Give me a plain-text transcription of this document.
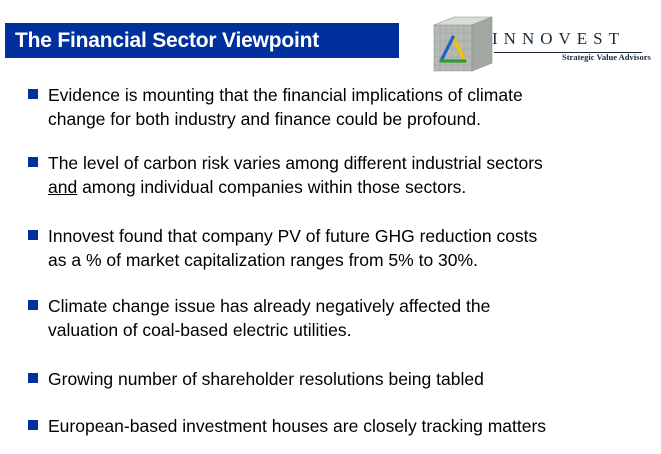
The Financial Sector Viewpoint	INNOVEST
Strategic Value Advisors
Evidence is mounting that the financial implications of climate
change for both industry and finance could be profound.
The level of carbon risk varies among different industrial sectors
and among individual companies within those sectors.
Innovest found that company PV of future GHG reduction costs
as a % of market capitalization ranges from 5% to 30%.
Climate change issue has already negatively affected the
valuation of coal-based electric utilities.
Growing number of shareholder resolutions being tabled
European-based investment houses are closely tracking matters
